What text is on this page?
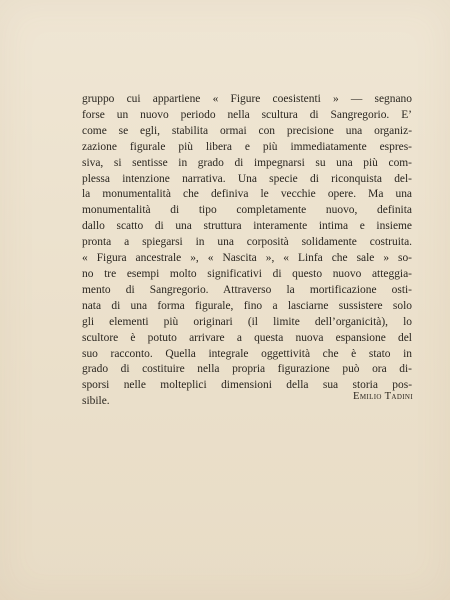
gruppo cui appartiene « Figure coesistenti » — segnano
forse un nuovo periodo nella scultura di Sangregorio. E’
come se egli, stabilita ormai con precisione una organiz-
zazione figurale più libera e più immediatamente espres-
siva, si sentisse in grado di impegnarsi su una più com-
plessa intenzione narrativa. Una specie di riconquista del-
la monumentalità che definiva le vecchie opere. Ma una
monumentalità di tipo completamente nuovo, definita
dallo scatto di una struttura interamente intima e insieme
pronta a spiegarsi in una corposità solidamente costruita.
« Figura ancestrale », « Nascita », « Linfa che sale » so-
no tre esempi molto significativi di questo nuovo atteggia-
mento di Sangregorio. Attraverso la mortificazione osti-
nata di una forma figurale, fino a lasciarne sussistere solo
gli elementi più originari (il limite dell’organicità), lo
scultore è potuto arrivare a questa nuova espansione del
suo racconto. Quella integrale oggettività che è stato in
grado di costituire nella propria figurazione può ora di-
sporsi nelle molteplici dimensioni della sua storia pos-
sibile.	Emilio Tadini
